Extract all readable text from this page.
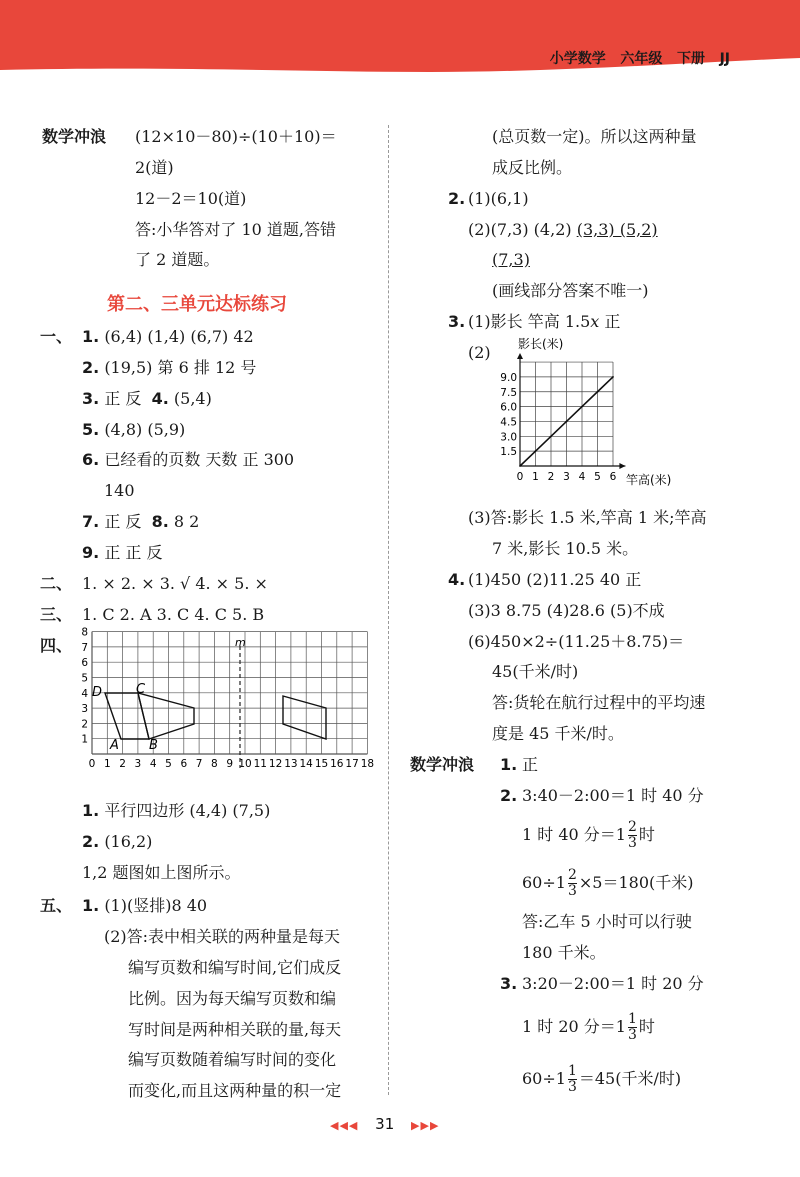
小学数学 六年级 下册 JJ
数学冲浪 (12×10－80)÷(10＋10)＝
2(道)
12－2＝10(道)
答:小华答对了 10 道题,答错
了 2 道题。
第二、三单元达标练习
一、 1. (6,4) (1,4) (6,7) 42
2. (19,5) 第 6 排 12 号
3. 正 反 4. (5,4)
5. (4,8) (5,9)
6. 已经看的页数 天数 正 300
140
7. 正 反 8. 8 2
9. 正 正 反
二、 1. × 2. × 3. √ 4. × 5. ×
三、 1. C 2. A 3. C 4. C 5. B
四、
0 1 2 3 4 5 6 7 8 9 10 11 12 13 14 15 16 17 18
1
2
3
4
5
6
7
8
m
D	C
A B
1. 平行四边形 (4,4) (7,5)
2. (16,2)
1,2 题图如上图所示。
五、 1. (1)(竖排)8 40
(2)答:表中相关联的两种量是每天
编写页数和编写时间,它们成反
比例。因为每天编写页数和编
写时间是两种相关联的量,每天
编写页数随着编写时间的变化
而变化,而且这两种量的积一定
(总页数一定)。所以这两种量
成反比例。
2. (1)(6,1)
(2)(7,3) (4,2) (3,3) (5,2)
(7,3)
(画线部分答案不唯一)
3. (1)影长 竿高 1.5x 正
(2)
0 1 2 3 4 5 6
1.5
3.0
4.5
6.0
7.5
9.0
影长(米)
竿高(米)
(3)答:影长 1.5 米,竿高 1 米;竿高
7 米,影长 10.5 米。
4. (1)450 (2)11.25 40 正
(3)3 8.75 (4)28.6 (5)不成
(6)450×2÷(11.25＋8.75)＝
45(千米/时)
答:货轮在航行过程中的平均速
度是 45 千米/时。
数学冲浪 1. 正
2. 3:40－2:00＝1 时 40 分
1 时 40 分$=1 \frac{2}{3}$ 时
$60\div 1 \frac{2}{3} \times 5=180$(千米)
答:乙车 5 小时可以行驶
180 千米。
3. 3:20－2:00＝1 时 20 分
1 时 20 分$=1 \frac{1}{3}$ 时
$60\div 1 \frac{1}{3} =45$(千米/时)
◀◀◀ 31 ▶▶▶
